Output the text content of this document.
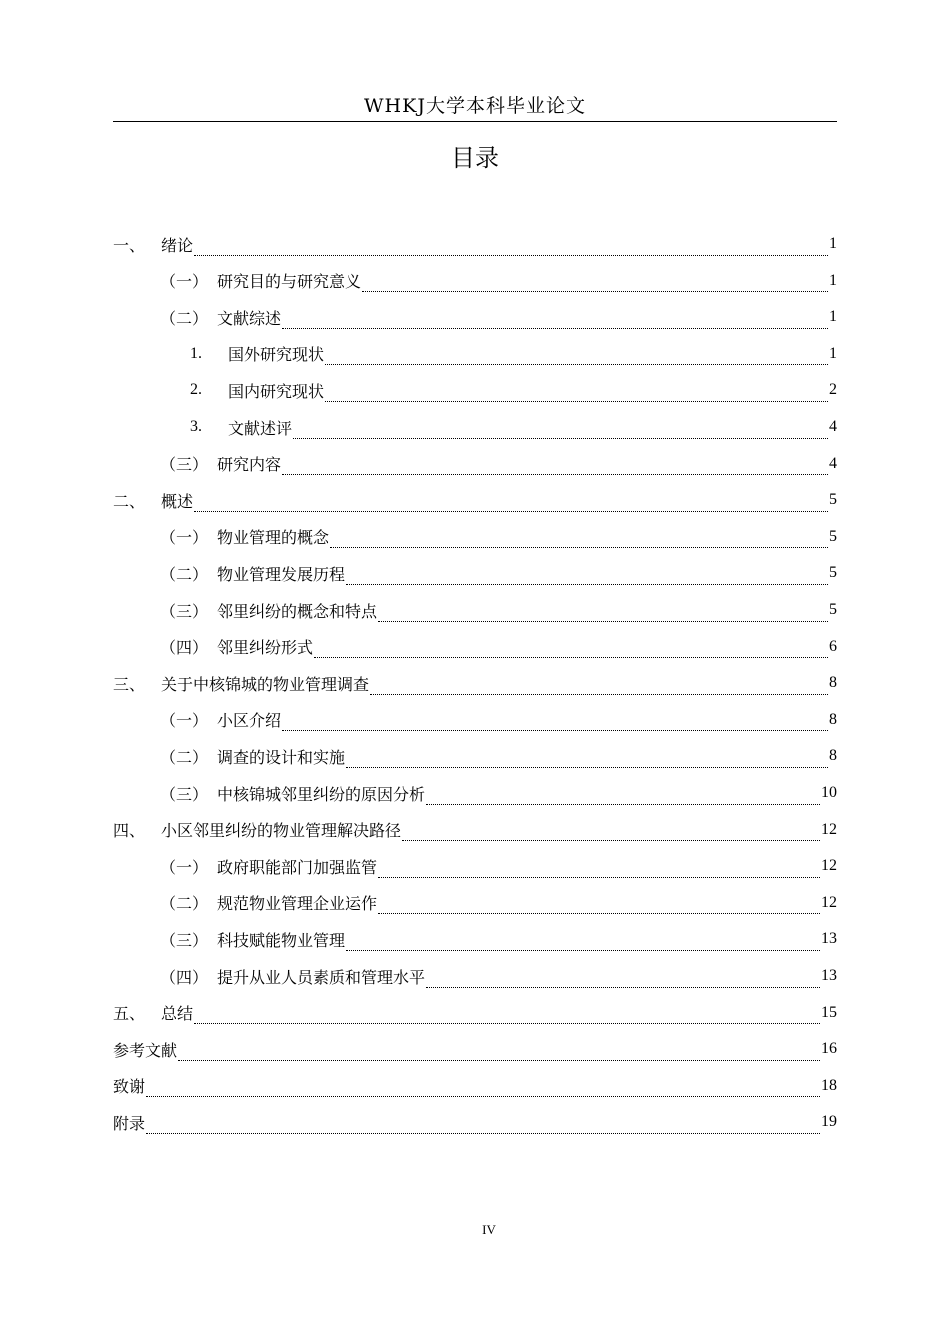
WHKJ大学本科毕业论文
目录
一、 绪论	1
（一） 研究目的与研究意义	1
（二） 文献综述	1
1.	国外研究现状	1
2.	国内研究现状	2
3.	文献述评	4
（三） 研究内容	4
二、 概述	5
（一） 物业管理的概念	5
（二） 物业管理发展历程	5
（三） 邻里纠纷的概念和特点	5
（四） 邻里纠纷形式	6
三、 关于中核锦城的物业管理调查	8
（一） 小区介绍	8
（二） 调查的设计和实施	8
（三） 中核锦城邻里纠纷的原因分析	10
四、 小区邻里纠纷的物业管理解决路径	12
（一） 政府职能部门加强监管	12
（二） 规范物业管理企业运作	12
（三） 科技赋能物业管理	13
（四） 提升从业人员素质和管理水平	13
五、 总结	15
参考文献	16
致谢	18
附录	19
IV
